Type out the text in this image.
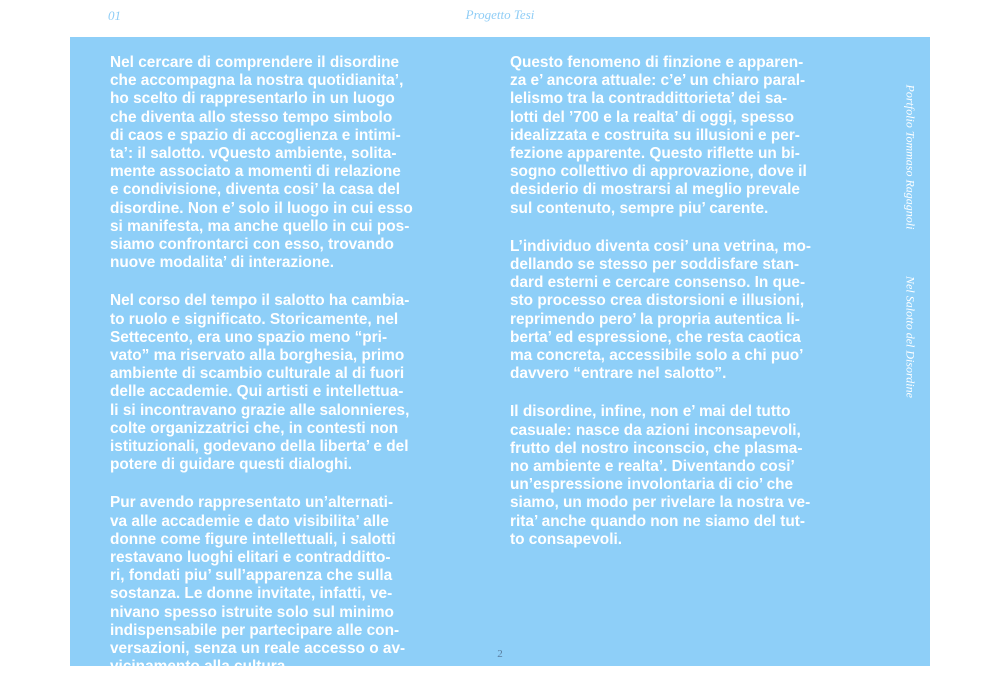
01	Progetto Tesi

Nel cercare di comprendere il disordine
che accompagna la nostra quotidianita’,
ho scelto di rappresentarlo in un luogo
che diventa allo stesso tempo simbolo
di caos e spazio di accoglienza e intimi-
ta’: il salotto. vQuesto ambiente, solita-
mente associato a momenti di relazione
e condivisione, diventa cosi’ la casa del
disordine. Non e’ solo il luogo in cui esso
si manifesta, ma anche quello in cui pos-
siamo confrontarci con esso, trovando
nuove modalita’ di interazione.

Nel corso del tempo il salotto ha cambia-
to ruolo e significato. Storicamente, nel
Settecento, era uno spazio meno “pri-
vato” ma riservato alla borghesia, primo
ambiente di scambio culturale al di fuori
delle accademie. Qui artisti e intellettua-
li si incontravano grazie alle salonnieres,
colte organizzatrici che, in contesti non
istituzionali, godevano della liberta’ e del
potere di guidare questi dialoghi.

Pur avendo rappresentato un’alternati-
va alle accademie e dato visibilita’ alle
donne come figure intellettuali, i salotti
restavano luoghi elitari e contradditto-
ri, fondati piu’ sull’apparenza che sulla
sostanza. Le donne invitate, infatti, ve-
nivano spesso istruite solo sul minimo
indispensabile per partecipare alle con-
versazioni, senza un reale accesso o av-
vicinamento alla cultura.

Questo fenomeno di finzione e apparen-
za e’ ancora attuale: c’e’ un chiaro paral-
lelismo tra la contraddittorieta’ dei sa-
lotti del ’700 e la realta’ di oggi, spesso
idealizzata e costruita su illusioni e per-
fezione apparente. Questo riflette un bi-
sogno collettivo di approvazione, dove il
desiderio di mostrarsi al meglio prevale
sul contenuto, sempre piu’ carente.

L’individuo diventa cosi’ una vetrina, mo-
dellando se stesso per soddisfare stan-
dard esterni e cercare consenso. In que-
sto processo crea distorsioni e illusioni,
reprimendo pero’ la propria autentica li-
berta’ ed espressione, che resta caotica
ma concreta, accessibile solo a chi puo’
davvero “entrare nel salotto”.

Il disordine, infine, non e’ mai del tutto
casuale: nasce da azioni inconsapevoli,
frutto del nostro inconscio, che plasma-
no ambiente e realta’. Diventando cosi’
un’espressione involontaria di cio’ che
siamo, un modo per rivelare la nostra ve-
rita’ anche quando non ne siamo del tut-
to consapevoli.

Portfolio Tommaso Ragagnoli
Nel Salotto del Disordine
2
